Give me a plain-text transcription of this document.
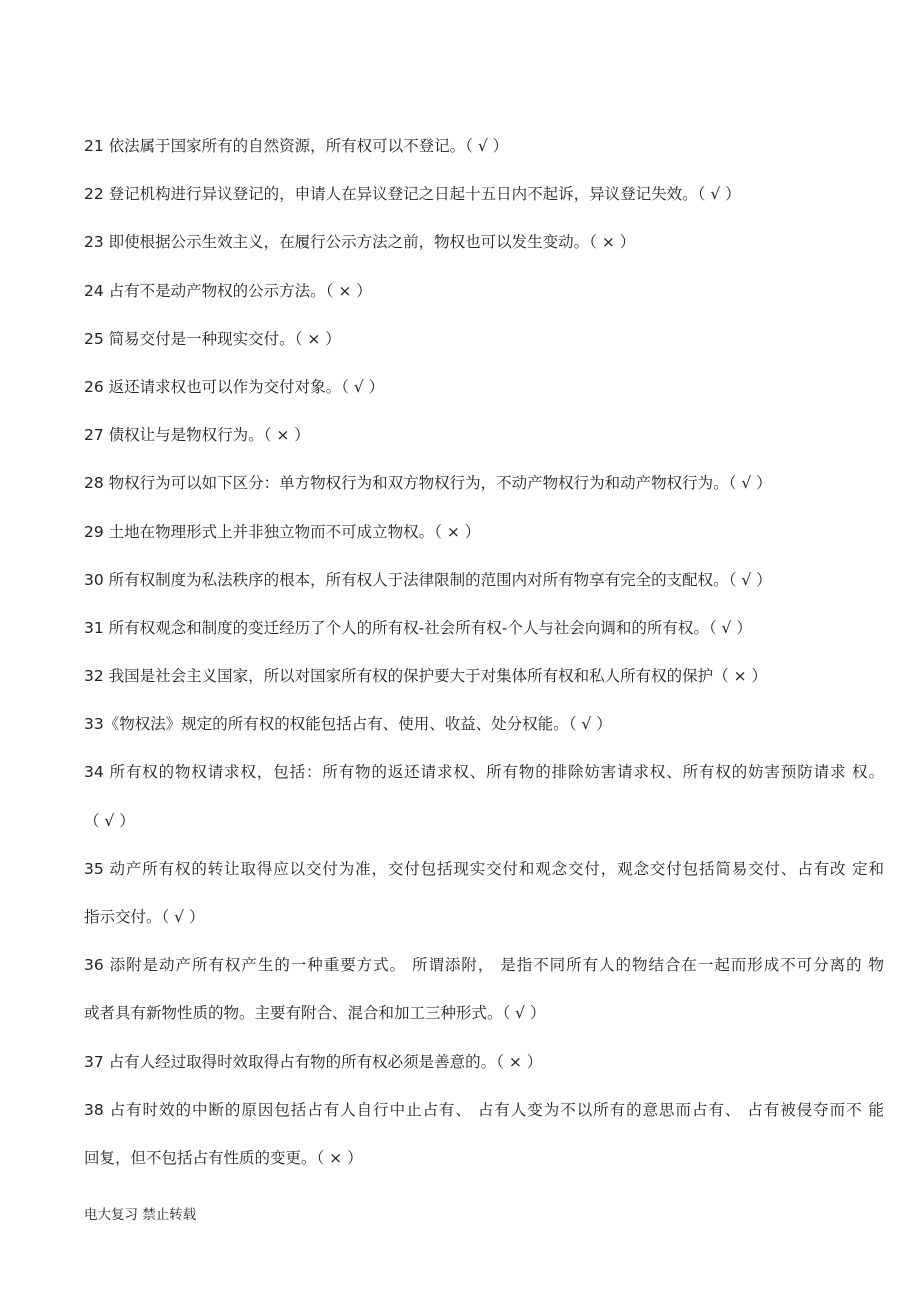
21 依法属于国家所有的自然资源，所有权可以不登记。（ √ ）
22 登记机构进行异议登记的，申请人在异议登记之日起十五日内不起诉，异议登记失效。（ √ ）
23 即使根据公示生效主义，在履行公示方法之前，物权也可以发生变动。（ × ）
24 占有不是动产物权的公示方法。（ × ）
25 简易交付是一种现实交付。（ × ）
26 返还请求权也可以作为交付对象。（ √ ）
27 债权让与是物权行为。（ × ）
28 物权行为可以如下区分：单方物权行为和双方物权行为，不动产物权行为和动产物权行为。（ √ ）
29 土地在物理形式上并非独立物而不可成立物权。（ × ）
30 所有权制度为私法秩序的根本，所有权人于法律限制的范围内对所有物享有完全的支配权。（ √ ）
31 所有权观念和制度的变迁经历了个人的所有权-社会所有权-个人与社会向调和的所有权。（ √ ）
32 我国是社会主义国家，所以对国家所有权的保护要大于对集体所有权和私人所有权的保护（ × ）
33《物权法》规定的所有权的权能包括占有、使用、收益、处分权能。（ √ ）
34 所有权的物权请求权，包括：所有物的返还请求权、所有物的排除妨害请求权、所有权的妨害预防请求 权。
（ √ ）
35 动产所有权的转让取得应以交付为准，交付包括现实交付和观念交付，观念交付包括简易交付、占有改 定和
指示交付。（ √ ）
36 添附是动产所有权产生的一种重要方式。 所谓添附， 是指不同所有人的物结合在一起而形成不可分离的 物
或者具有新物性质的物。主要有附合、混合和加工三种形式。（ √ ）
37 占有人经过取得时效取得占有物的所有权必须是善意的。（ × ）
38 占有时效的中断的原因包括占有人自行中止占有、 占有人变为不以所有的意思而占有、 占有被侵夺而不 能
回复，但不包括占有性质的变更。（ × ）
电大复习 禁止转载
